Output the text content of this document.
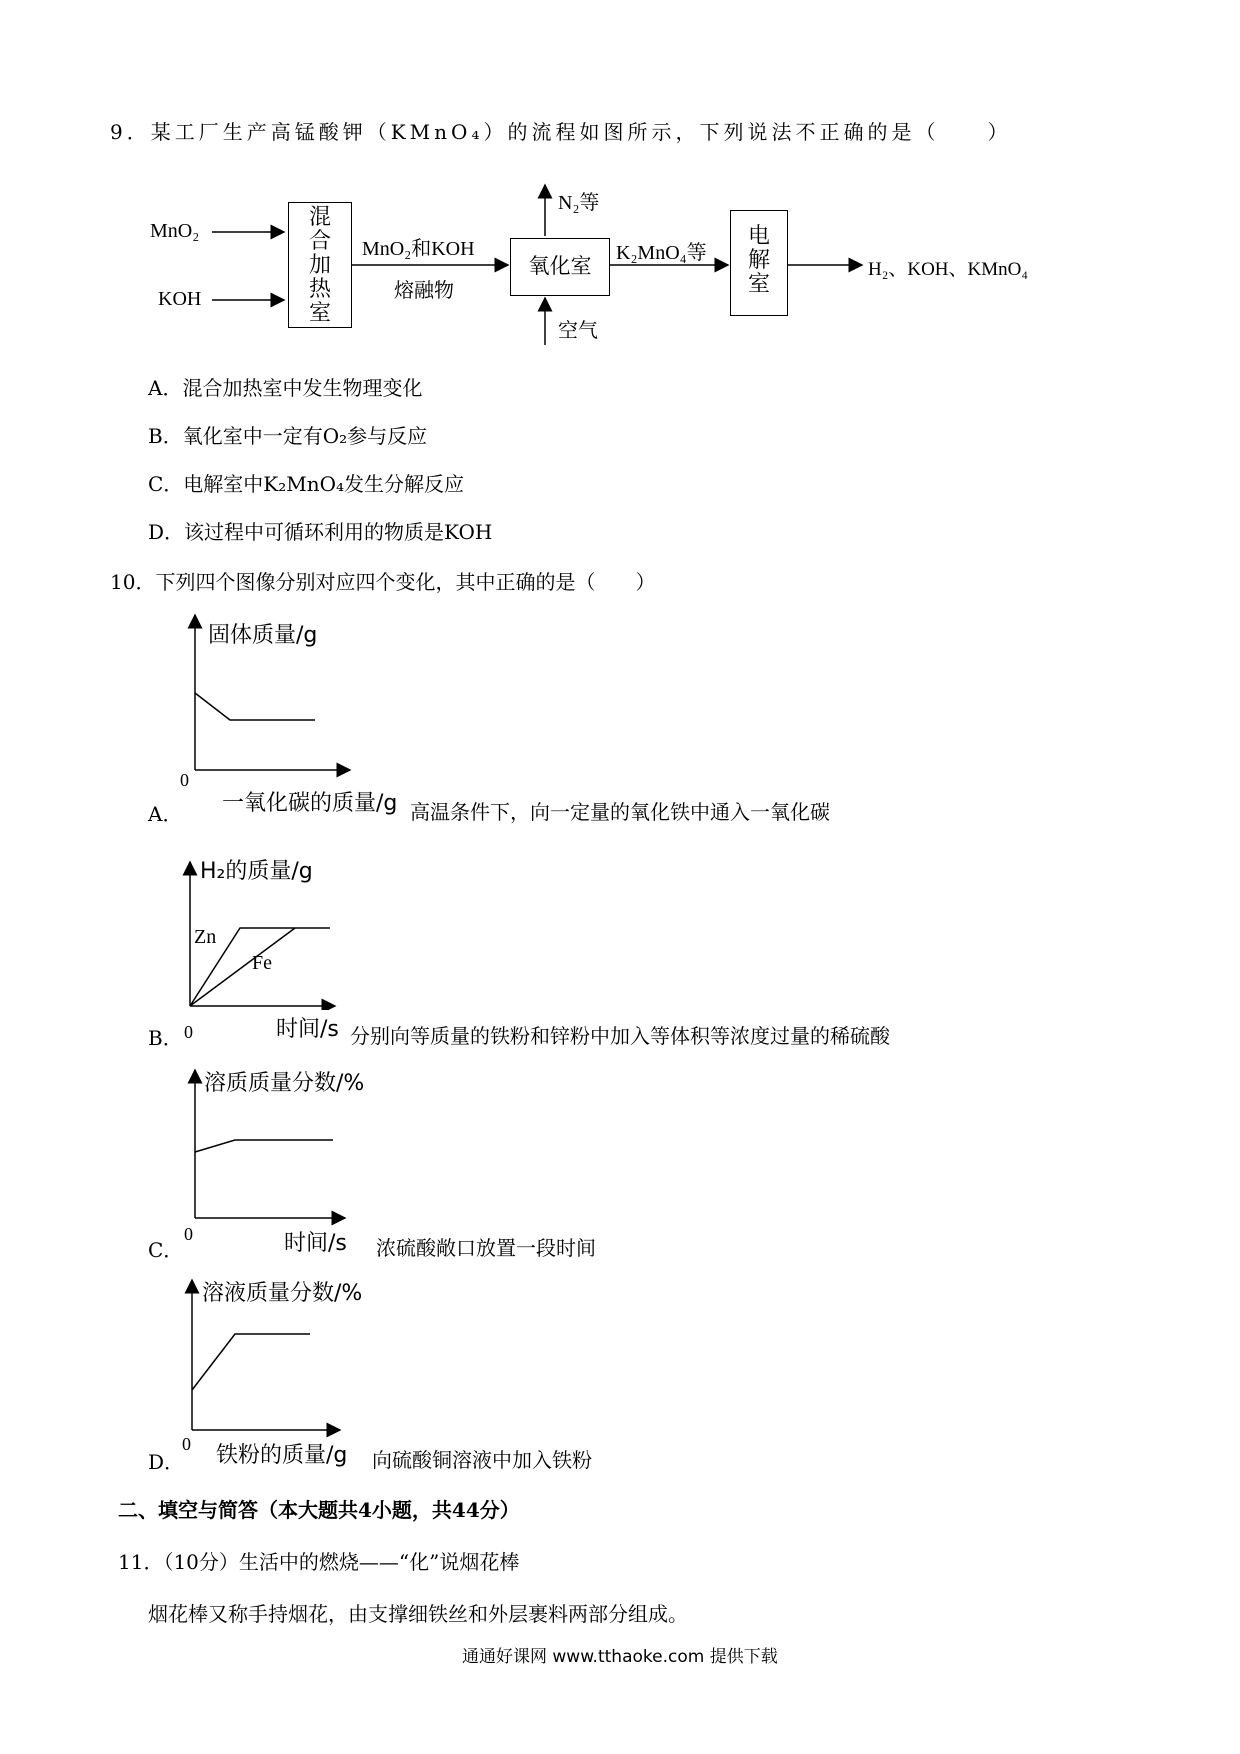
9．某工厂生产高锰酸钾（KMnO₄）的流程如图所示，下列说法不正确的是（　　）
MnO₂
KOH
混合加热室
MnO₂和KOH
熔融物
氧化室
N₂等
空气
K₂MnO₄等
电解室
H₂、KOH、KMnO₄
A．混合加热室中发生物理变化
B．氧化室中一定有O₂参与反应
C．电解室中K₂MnO₄发生分解反应
D．该过程中可循环利用的物质是KOH
10．下列四个图像分别对应四个变化，其中正确的是（　　）
固体质量/g
0
A． 一氧化碳的质量/g 高温条件下，向一定量的氧化铁中通入一氧化碳
H₂的质量/g
Zn
Fe
B． 0	时间/s 分别向等质量的铁粉和锌粉中加入等体积等浓度过量的稀硫酸
溶质质量分数/%
0
C．	时间/s 浓硫酸敞口放置一段时间
溶液质量分数/%
0
D． 铁粉的质量/g 向硫酸铜溶液中加入铁粉
二、填空与简答（本大题共4小题，共44分）
11．（10分）生活中的燃烧——“化”说烟花棒
烟花棒又称手持烟花，由支撑细铁丝和外层裹料两部分组成。
通通好课网 www.tthaoke.com 提供下载
